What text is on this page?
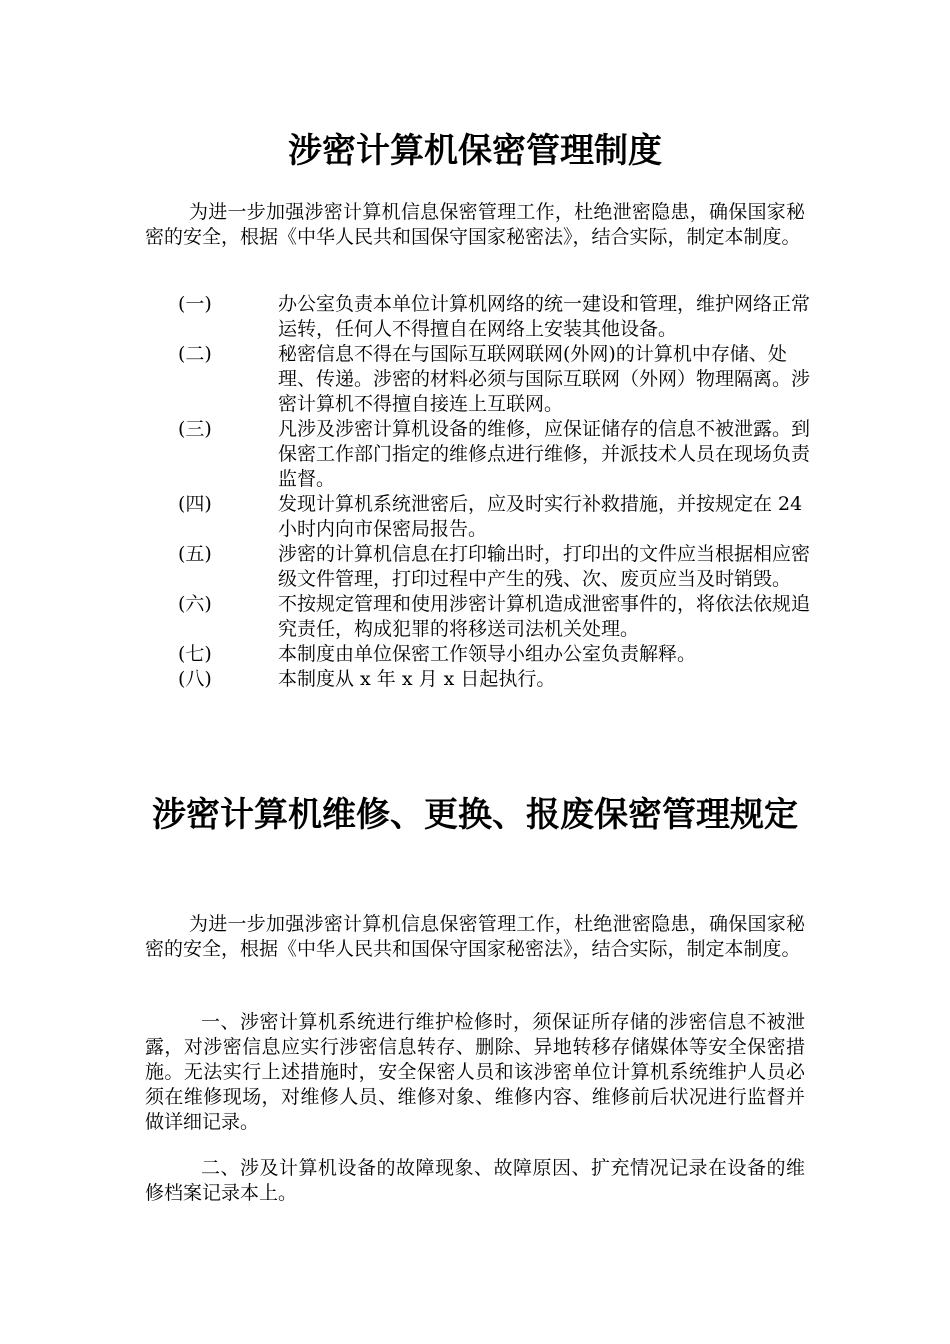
涉密计算机保密管理制度

为进一步加强涉密计算机信息保密管理工作，杜绝泄密隐患，确保国家秘密的安全，根据《中华人民共和国保守国家秘密法》，结合实际，制定本制度。

(一)	办公室负责本单位计算机网络的统一建设和管理，维护网络正常运转，任何人不得擅自在网络上安装其他设备。
(二)	秘密信息不得在与国际互联网联网(外网)的计算机中存储、处理、传递。涉密的材料必须与国际互联网（外网）物理隔离。涉密计算机不得擅自接连上互联网。
(三)	凡涉及涉密计算机设备的维修，应保证储存的信息不被泄露。到保密工作部门指定的维修点进行维修，并派技术人员在现场负责监督。
(四)	发现计算机系统泄密后，应及时实行补救措施，并按规定在 24 小时内向市保密局报告。
(五)	涉密的计算机信息在打印输出时，打印出的文件应当根据相应密级文件管理，打印过程中产生的残、次、废页应当及时销毁。
(六)	不按规定管理和使用涉密计算机造成泄密事件的，将依法依规追究责任，构成犯罪的将移送司法机关处理。
(七)	本制度由单位保密工作领导小组办公室负责解释。
(八)	本制度从 x 年 x 月 x 日起执行。
涉密计算机维修、更换、报废保密管理规定

为进一步加强涉密计算机信息保密管理工作，杜绝泄密隐患，确保国家秘密的安全，根据《中华人民共和国保守国家秘密法》，结合实际，制定本制度。

一、涉密计算机系统进行维护检修时，须保证所存储的涉密信息不被泄露，对涉密信息应实行涉密信息转存、删除、异地转移存储媒体等安全保密措施。无法实行上述措施时，安全保密人员和该涉密单位计算机系统维护人员必须在维修现场，对维修人员、维修对象、维修内容、维修前后状况进行监督并做详细记录。

二、涉及计算机设备的故障现象、故障原因、扩充情况记录在设备的维修档案记录本上。
